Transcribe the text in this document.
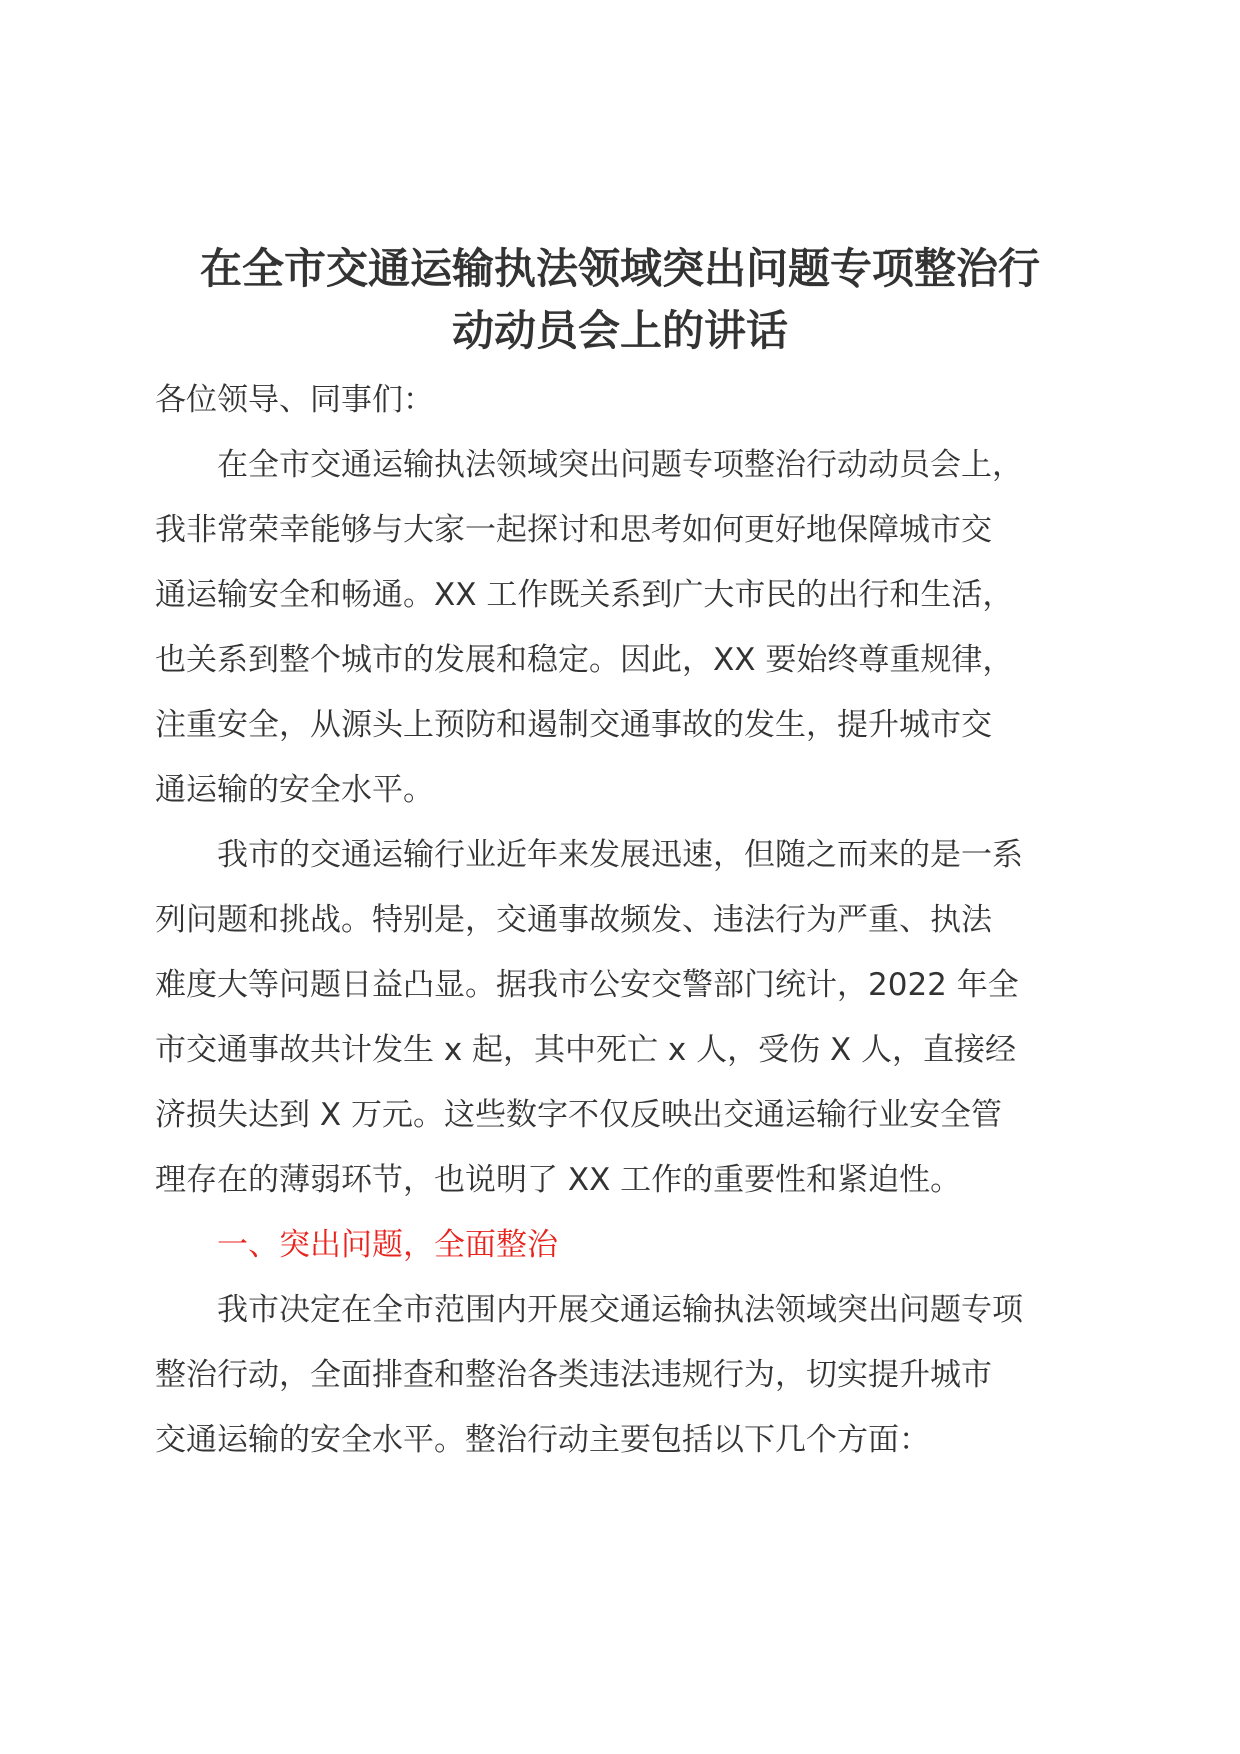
在全市交通运输执法领域突出问题专项整治行
动动员会上的讲话

各位领导、同事们：

在全市交通运输执法领域突出问题专项整治行动动员会上，
我非常荣幸能够与大家一起探讨和思考如何更好地保障城市交
通运输安全和畅通。XX 工作既关系到广大市民的出行和生活，
也关系到整个城市的发展和稳定。因此，XX 要始终尊重规律，
注重安全，从源头上预防和遏制交通事故的发生，提升城市交
通运输的安全水平。

我市的交通运输行业近年来发展迅速，但随之而来的是一系
列问题和挑战。特别是，交通事故频发、违法行为严重、执法
难度大等问题日益凸显。据我市公安交警部门统计，2022 年全
市交通事故共计发生 x 起，其中死亡 x 人，受伤 X 人，直接经
济损失达到 X 万元。这些数字不仅反映出交通运输行业安全管
理存在的薄弱环节，也说明了 XX 工作的重要性和紧迫性。

一、突出问题，全面整治

我市决定在全市范围内开展交通运输执法领域突出问题专项
整治行动，全面排查和整治各类违法违规行为，切实提升城市
交通运输的安全水平。整治行动主要包括以下几个方面：
